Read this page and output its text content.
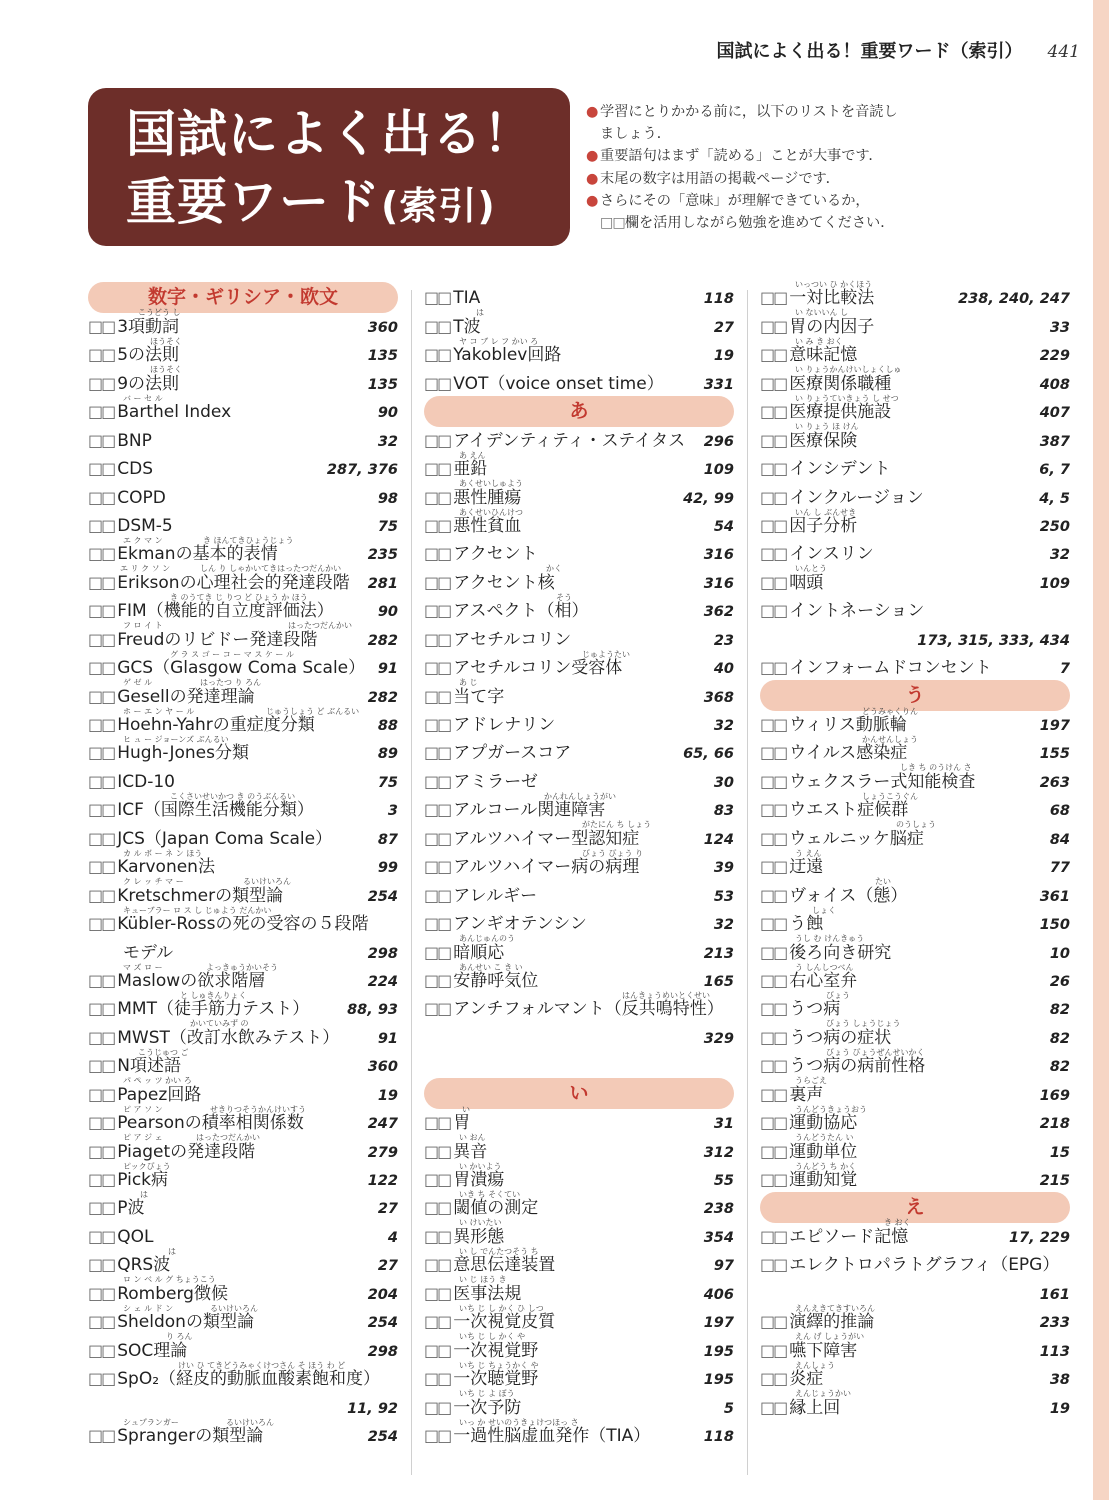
国試によく出る！重要ワード（索引） 441
国試によく出る！
重要ワード(索引)
● 学習にとりかかる前に，以下のリストを音読し
ましょう．
● 重要語句はまず「読める」ことが大事です．
● 末尾の数字は用語の掲載ページです．
● さらにその「意味」が理解できているか，
□□欄を活用しながら勉強を進めてください．
数字・ギリシア・欧文
こうどう し
□□ 3項動詞	360
ほうそく
□□ 5の法則	135
ほうそく
□□ 9の法則	135
バ ー セ ル
□□ Barthel Index	90
□□ BNP	32
□□ CDS	287, 376
□□ COPD	98
□□ DSM-5	75
エ ク マ ン	き ほんてきひょうじょう
□□ Ekmanの基本的表情	235
エ リ ク ソ ン	しん り しゃかいてきはったつだんかい
□□ Eriksonの心理社会的発達段階 281
き のうてき じ りつ ど ひょう か ほう
□□ FIM（機能的自立度評価法）	90
フ ロ イ ト	はったつだんかい
□□ Freudのリビドー発達段階	282
グ ラ ス ゴ ー コ ー マ ス ケ ー ル
□□ GCS（Glasgow Coma Scale） 91
ゲ ゼ ル	はったつ り ろん
□□ Gesellの発達理論	282
ホ ー エ ン ヤ ー ル	じゅうしょう ど ぶんるい
□□ Hoehn-Yahrの重症度分類	88
ヒ ュ ー ジョーンズ ぶんるい
□□ Hugh-Jones分類	89
□□ ICD-10	75
こくさいせいかつ き のうぶんるい
□□ ICF（国際生活機能分類）	3
□□ JCS（Japan Coma Scale）	87
カ ル ボ ー ネ ン ほう
□□ Karvonen法	99
ク レ ッ チ マ ー	るいけいろん
□□ Kretschmerの類型論	254
キューブラー ロ ス し じゅよう だんかい
□□ Kübler-Rossの死の受容の５段階
モデル	298
マ ズ ロ ー	よっきゅうかいそう
□□ Maslowの欲求階層	224
と しゅきんりょく
□□ MMT（徒手筋力テスト）	88, 93
かいていみず の
□□ MWST（改訂水飲みテスト）	91
こうじゅつ ご
□□ N項述語	360
パ ペ ッ ツ かい ろ
□□ Papez回路	19
ピ ア ソ ン	せきりつそうかんけいすう
□□ Pearsonの積率相関係数	247
ピ ア ジ ェ	はったつだんかい
□□ Piagetの発達段階	279
ピックびょう
□□ Pick病	122
は
□□ P波	27
□□ QOL	4
は
□□ QRS波	27
ロ ン ベ ル グ ちょうこう
□□ Romberg徴候	204
シ ェ ル ド ン	るいけいろん
□□ Sheldonの類型論	254
り ろん
□□ SOC理論	298
けい ひ てきどうみゃくけつさん そ ほう わ ど
□□ SpO₂（経皮的動脈血酸素飽和度）
11, 92
シュプランガー	るいけいろん
□□ Sprangerの類型論	254
□□ TIA	118
は
□□ T波	27
ヤ コ ブ レ フ かい ろ
□□ Yakoblev回路	19
□□ VOT（voice onset time）	331
あ
□□ アイデンティティ・ステイタス 296
あ えん
□□ 亜鉛	109
あくせいしゅよう
□□ 悪性腫瘍	42, 99
あくせいひんけつ
□□ 悪性貧血	54
□□ アクセント	316
かく
□□ アクセント核	316
そう
□□ アスペクト（相）	362
□□ アセチルコリン	23
じゅようたい
□□ アセチルコリン受容体	40
あ じ
□□ 当て字	368
□□ アドレナリン	32
□□ アプガースコア	65, 66
□□ アミラーゼ	30
かんれんしょうがい
□□ アルコール関連障害	83
がたにん ち しょう
□□ アルツハイマー型認知症	124
びょう びょう り
□□ アルツハイマー病の病理	39
□□ アレルギー	53
□□ アンギオテンシン	32
あんじゅんのう
□□ 暗順応	213
あんせい こ き い
□□ 安静呼気位	165
はんきょうめいとくせい
□□ アンチフォルマント（反共鳴特性）
329
い
い
□□ 胃	31
い おん
□□ 異音	312
い かいよう
□□ 胃潰瘍	55
いき ち そくてい
□□ 閾値の測定	238
い けいたい
□□ 異形態	354
い し でんたつそう ち
□□ 意思伝達装置	97
い じ ほう き
□□ 医事法規	406
いち じ し かく ひ しつ
□□ 一次視覚皮質	197
いち じ し かく や
□□ 一次視覚野	195
いち じ ちょうかく や
□□ 一次聴覚野	195
いち じ よ ぼう
□□ 一次予防	5
いっ か せいのうきょけつほっ さ
□□ 一過性脳虚血発作（TIA）	118
いっつい ひ かくほう
□□ 一対比較法	238, 240, 247
い ないいん し
□□ 胃の内因子	33
い み き おく
□□ 意味記憶	229
い りょうかんけいしょくしゅ
□□ 医療関係職種	408
い りょうていきょう し せつ
□□ 医療提供施設	407
い りょう ほ けん
□□ 医療保険	387
□□ インシデント	6, 7
□□ インクルージョン	4, 5
いん し ぶんせき
□□ 因子分析	250
□□ インスリン	32
いんとう
□□ 咽頭	109
□□ イントネーション
173, 315, 333, 434
□□ インフォームドコンセント	7
う
どうみゃくりん
□□ ウィリス動脈輪	197
かんせんしょう
□□ ウイルス感染症	155
しき ち のうけん さ
□□ ウェクスラー式知能検査	263
しょうこうぐん
□□ ウエスト症候群	68
のうしょう
□□ ウェルニッケ脳症	84
う えん
□□ 迂遠	77
たい
□□ ヴォイス（態）	361
しょく
□□ う蝕	150
うし む けんきゅう
□□ 後ろ向き研究	10
う しんしつべん
□□ 右心室弁	26
びょう
□□ うつ病	82
びょう しょうじょう
□□ うつ病の症状	82
びょう びょうぜんせいかく
□□ うつ病の病前性格	82
うらごえ
□□ 裏声	169
うんどうきょうおう
□□ 運動協応	218
うんどうたん い
□□ 運動単位	15
うんどう ち かく
□□ 運動知覚	215
え
き おく
□□ エピソード記憶	17, 229
□□ エレクトロパラトグラフィ（EPG）
161
えんえきてきすいろん
□□ 演繹的推論	233
えん げ しょうがい
□□ 嚥下障害	113
えんしょう
□□ 炎症	38
えんじょうかい
□□ 縁上回	19
